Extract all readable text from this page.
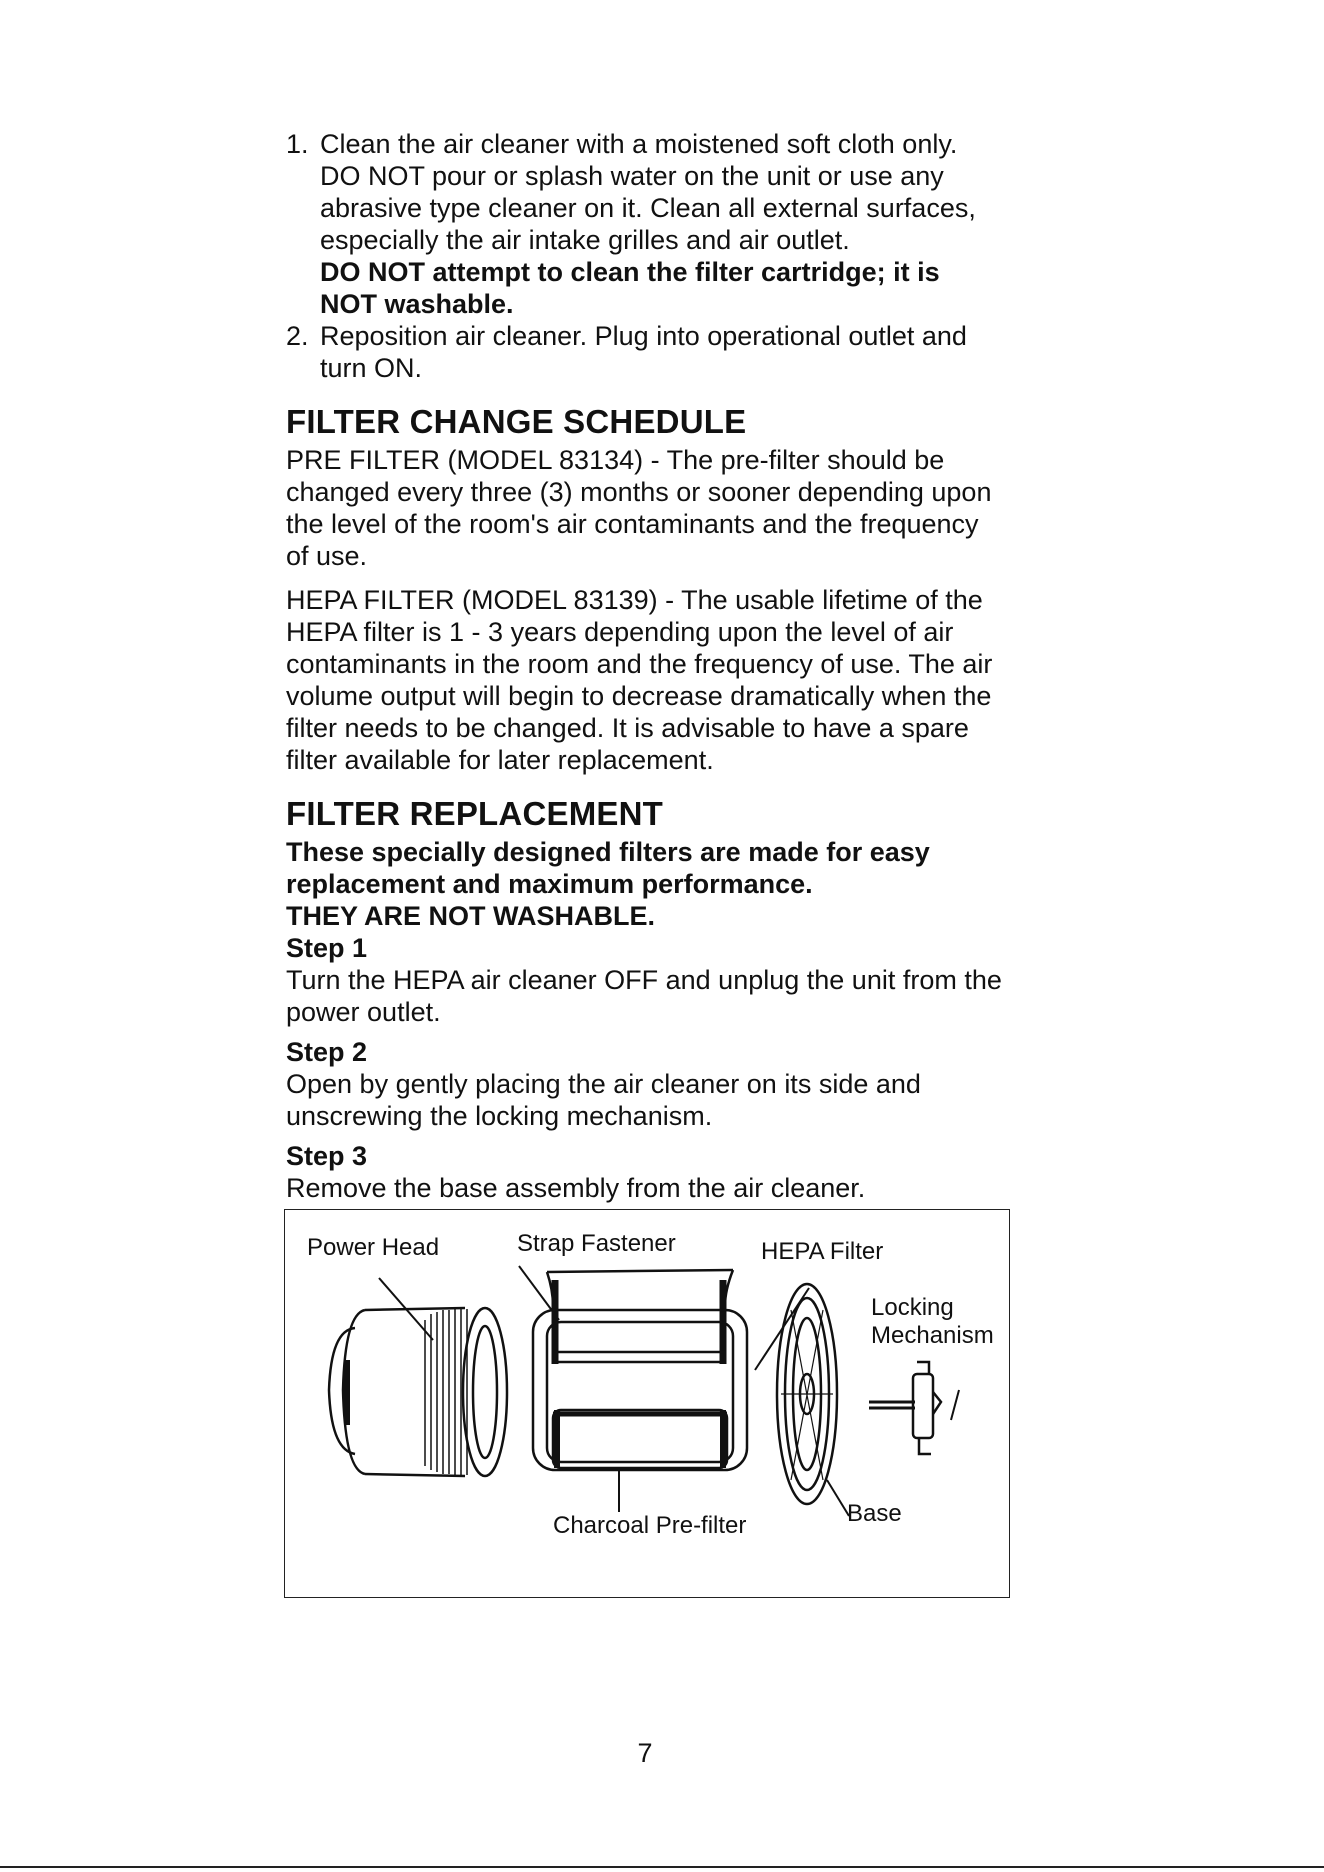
1. Clean the air cleaner with a moistened soft cloth only.
DO NOT pour or splash water on the unit or use any
abrasive type cleaner on it. Clean all external surfaces,
especially the air intake grilles and air outlet.
DO NOT attempt to clean the filter cartridge; it is
NOT washable.
2. Reposition air cleaner. Plug into operational outlet and
turn ON.
FILTER CHANGE SCHEDULE
PRE FILTER (MODEL 83134) - The pre-filter should be
changed every three (3) months or sooner depending upon
the level of the room's air contaminants and the frequency
of use.
HEPA FILTER (MODEL 83139) - The usable lifetime of the
HEPA filter is 1 - 3 years depending upon the level of air
contaminants in the room and the frequency of use. The air
volume output will begin to decrease dramatically when the
filter needs to be changed. It is advisable to have a spare
filter available for later replacement.
FILTER REPLACEMENT
These specially designed filters are made for easy
replacement and maximum performance.
THEY ARE NOT WASHABLE.
Step 1
Turn the HEPA air cleaner OFF and unplug the unit from the
power outlet.
Step 2
Open by gently placing the air cleaner on its side and
unscrewing the locking mechanism.
Step 3
Remove the base assembly from the air cleaner.
Power Head	Strap Fastener	HEPA Filter
Locking
Mechanism
Charcoal Pre-filter	Base
7
